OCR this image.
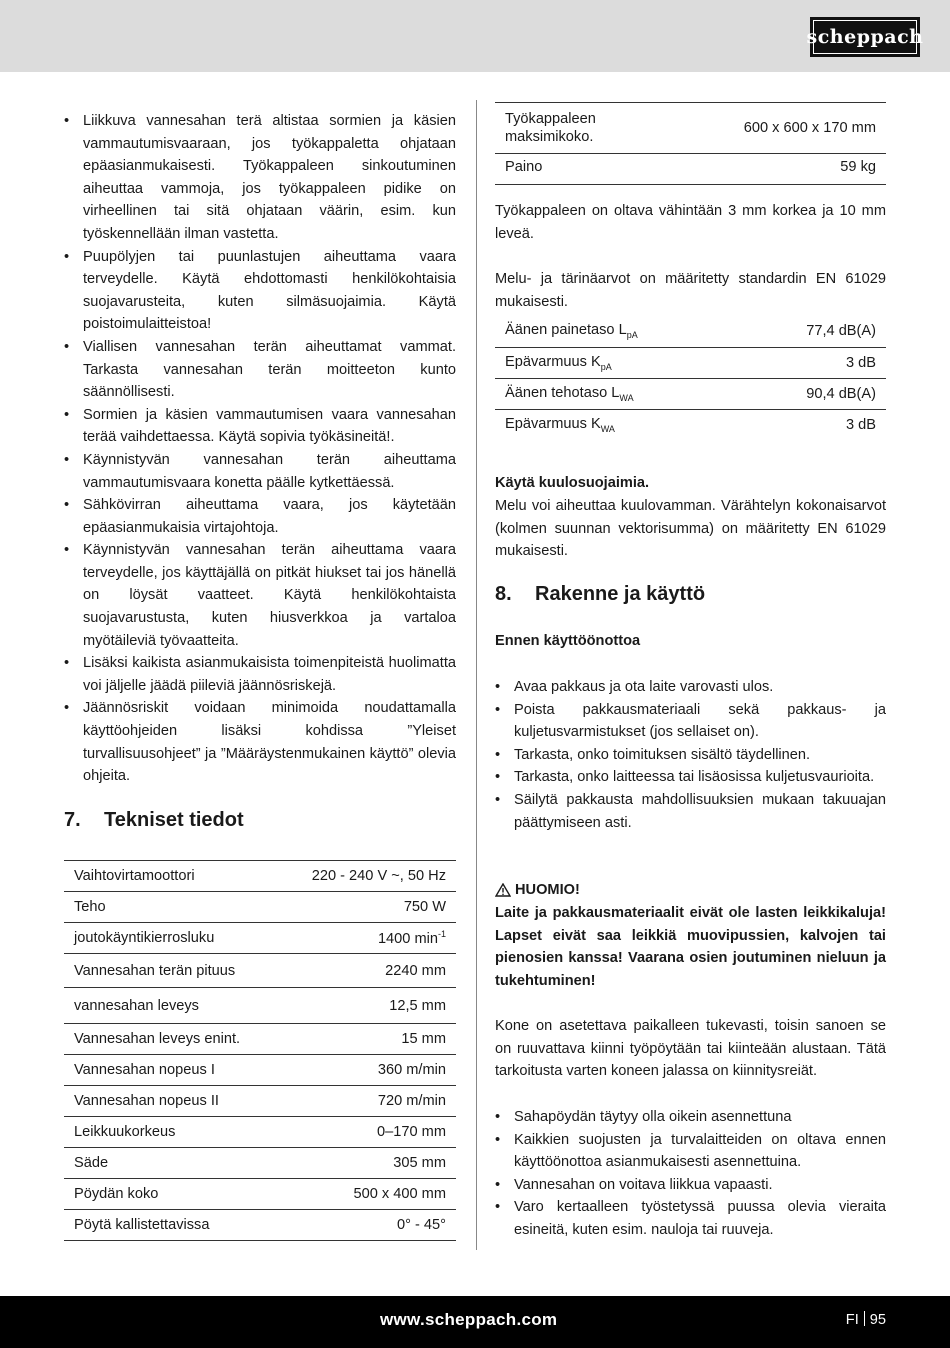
scheppach
• Liikkuva vannesahan terä altistaa sormien ja käsien vammautumisvaaraan, jos työkappaletta ohjataan epäasianmukaisesti. Työkappaleen sinkoutuminen aiheuttaa vammoja, jos työkappaleen pidike on virheellinen tai sitä ohjataan väärin, esim. kun työskennellään ilman vastetta.
• Puupölyjen tai puunlastujen aiheuttama vaara terveydelle. Käytä ehdottomasti henkilökohtaisia suojavarusteita, kuten silmäsuojaimia. Käytä poistoimulaitteistoa!
• Viallisen vannesahan terän aiheuttamat vammat. Tarkasta vannesahan terän moitteeton kunto säännöllisesti.
• Sormien ja käsien vammautumisen vaara vannesahan terää vaihdettaessa. Käytä sopivia työkäsineitä!.
• Käynnistyvän vannesahan terän aiheuttama vammautumisvaara konetta päälle kytkettäessä.
• Sähkövirran aiheuttama vaara, jos käytetään epäasianmukaisia virtajohtoja.
• Käynnistyvän vannesahan terän aiheuttama vaara terveydelle, jos käyttäjällä on pitkät hiukset tai jos hänellä on löysät vaatteet. Käytä henkilökohtaista suojavarustusta, kuten hiusverkkoa ja vartaloa myötäileviä työvaatteita.
• Lisäksi kaikista asianmukaisista toimenpiteistä huolimatta voi jäljelle jäädä piileviä jäännösriskejä.
• Jäännösriskit voidaan minimoida noudattamalla käyttöohjeiden lisäksi kohdissa ”Yleiset turvallisuusohjeet” ja ”Määräystenmukainen käyttö” olevia ohjeita.
7.	Tekniset tiedot
Vaihtovirtamoottori	220 - 240 V ~, 50 Hz
Teho	750 W
joutokäyntikierrosluku	1400 $\min^{-1}$
Vannesahan terän pituus	2240 mm
vannesahan leveys	12,5 mm
Vannesahan leveys enint.	15 mm
Vannesahan nopeus I	360 m/min
Vannesahan nopeus II	720 m/min
Leikkuukorkeus	0–170 mm
Säde	305 mm
Pöydän koko	500 x 400 mm
Pöytä kallistettavissa	0° - 45°
Työkappaleen maksimikoko.	600 x 600 x 170 mm
Paino	59 kg
Työkappaleen on oltava vähintään 3 mm korkea ja 10 mm leveä.
Melu- ja tärinäarvot on määritetty standardin EN 61029 mukaisesti.
Äänen painetaso $L_{pA}$	77,4 dB(A)
Epävarmuus $K_{pA}$	3 dB
Äänen tehotaso $L_{WA}$	90,4 dB(A)
Epävarmuus $K_{WA}$	3 dB
Käytä kuulosuojaimia.
Melu voi aiheuttaa kuulovamman. Värähtelyn kokonaisarvot (kolmen suunnan vektorisumma) on määritetty EN 61029 mukaisesti.
8.	Rakenne ja käyttö
Ennen käyttöönottoa
• Avaa pakkaus ja ota laite varovasti ulos.
• Poista pakkausmateriaali sekä pakkaus- ja kuljetusvarmistukset (jos sellaiset on).
• Tarkasta, onko toimituksen sisältö täydellinen.
• Tarkasta, onko laitteessa tai lisäosissa kuljetusvaurioita.
• Säilytä pakkausta mahdollisuuksien mukaan takuuajan päättymiseen asti.
HUOMIO!
Laite ja pakkausmateriaalit eivät ole lasten leikkikaluja! Lapset eivät saa leikkiä muovipussien, kalvojen tai pienosien kanssa! Vaarana osien joutuminen nieluun ja tukehtuminen!
Kone on asetettava paikalleen tukevasti, toisin sanoen se on ruuvattava kiinni työpöytään tai kiinteään alustaan. Tätä tarkoitusta varten koneen jalassa on kiinnitysreiät.
• Sahapöydän täytyy olla oikein asennettuna
• Kaikkien suojusten ja turvalaitteiden on oltava ennen käyttöönottoa asianmukaisesti asennettuina.
• Vannesahan on voitava liikkua vapaasti.
• Varo kertaalleen työstetyssä puussa olevia vieraita esineitä, kuten esim. nauloja tai ruuveja.
www.scheppach.com	FI 95
